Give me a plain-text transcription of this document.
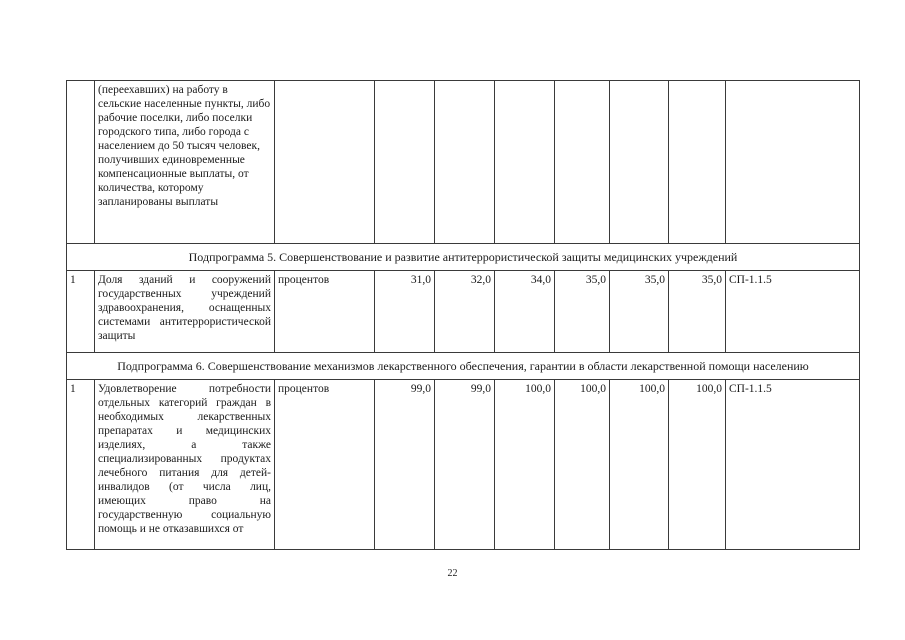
	(переехавших) на работу в сельские населенные пункты, либо рабочие поселки, либо поселки городского типа, либо города с населением до 50 тысяч человек, получивших единовременные компенсационные выплаты, от количества, которому запланированы выплаты								
Подпрограмма 5. Совершенствование и развитие антитеррористической защиты медицинских учреждений									
1	Доля зданий и сооружений государственных учреждений здравоохранения, оснащенных системами антитеррористической защиты	процентов	31,0	32,0	34,0	35,0	35,0	35,0	СП-1.1.5
Подпрограмма 6. Совершенствование механизмов лекарственного обеспечения, гарантии в области лекарственной помощи населению									
1	Удовлетворение потребности отдельных категорий граждан в необходимых лекарственных препаратах и медицинских изделиях, а также специализированных продуктах лечебного питания для детей-инвалидов (от числа лиц, имеющих право на государственную социальную помощь и не отказавшихся от	процентов	99,0	99,0	100,0	100,0	100,0	100,0	СП-1.1.5
22
